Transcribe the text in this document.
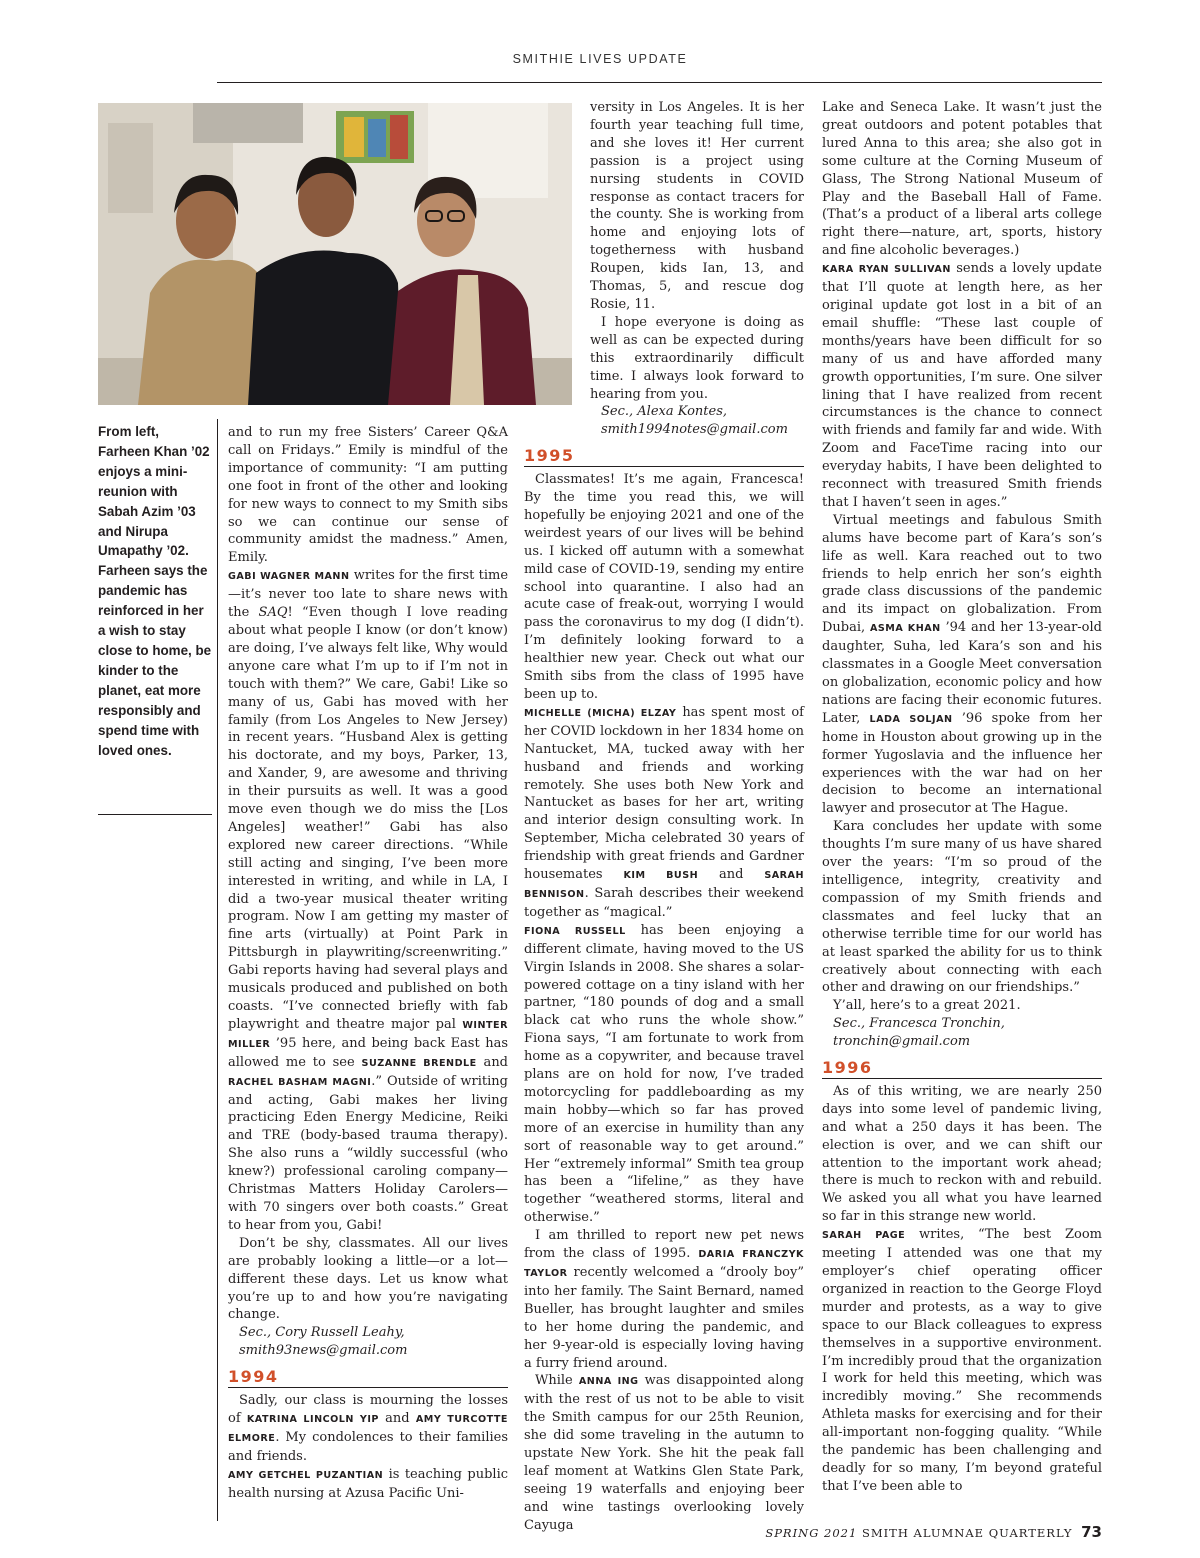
SMITHIE LIVES UPDATE
From left, Farheen Khan ’02 enjoys a mini-reunion with Sabah Azim ’03 and Nirupa Umapathy ’02. Farheen says the pandemic has reinforced in her a wish to stay close to home, be kinder to the planet, eat more responsibly and spend time with loved ones.

and to run my free Sisters’ Career Q&A call on Fridays.” Emily is mindful of the importance of community: “I am putting one foot in front of the other and looking for new ways to connect to my Smith sibs so we can continue our sense of community amidst the madness.” Amen, Emily.

GABI WAGNER MANN writes for the first time—it’s never too late to share news with the SAQ! “Even though I love reading about what people I know (or don’t know) are doing, I’ve always felt like, Why would anyone care what I’m up to if I’m not in touch with them?” We care, Gabi! Like so many of us, Gabi has moved with her family (from Los Angeles to New Jersey) in recent years. “Husband Alex is getting his doctorate, and my boys, Parker, 13, and Xander, 9, are awesome and thriving in their pursuits as well. It was a good move even though we do miss the [Los Angeles] weather!” Gabi has also explored new career directions. “While still acting and singing, I’ve been more interested in writing, and while in LA, I did a two-year musical theater writing program. Now I am getting my master of fine arts (virtually) at Point Park in Pittsburgh in playwriting/screenwriting.” Gabi reports having had several plays and musicals produced and published on both coasts. “I’ve connected briefly with fab playwright and theatre major pal WINTER MILLER ’95 here, and being back East has allowed me to see SUZANNE BRENDLE and RACHEL BASHAM MAGNI.” Outside of writing and acting, Gabi makes her living practicing Eden Energy Medicine, Reiki and TRE (body-based trauma therapy). She also runs a “wildly successful (who knew?) professional caroling company—Christmas Matters Holiday Carolers—with 70 singers over both coasts.” Great to hear from you, Gabi!

Don’t be shy, classmates. All our lives are probably looking a little—or a lot—different these days. Let us know what you’re up to and how you’re navigating change.

Sec., Cory Russell Leahy,

smith93news@gmail.com

1994

Sadly, our class is mourning the losses of KATRINA LINCOLN YIP and AMY TURCOTTE ELMORE. My condolences to their families and friends.

AMY GETCHEL PUZANTIAN is teaching public health nursing at Azusa Pacific Uni-

versity in Los Angeles. It is her fourth year teaching full time, and she loves it! Her current passion is a project using nursing students in COVID response as contact tracers for the county. She is working from home and enjoying lots of togetherness with husband Roupen, kids Ian, 13, and Thomas, 5, and rescue dog Rosie, 11.

I hope everyone is doing as well as can be expected during this extraordinarily difficult time. I always look forward to hearing from you.

Sec., Alexa Kontes,

smith1994notes@gmail.com

1995

Classmates! It’s me again, Francesca! By the time you read this, we will hopefully be enjoying 2021 and one of the weirdest years of our lives will be behind us. I kicked off autumn with a somewhat mild case of COVID-19, sending my entire school into quarantine. I also had an acute case of freak-out, worrying I would pass the coronavirus to my dog (I didn’t). I’m definitely looking forward to a healthier new year. Check out what our Smith sibs from the class of 1995 have been up to.

MICHELLE (MICHA) ELZAY has spent most of her COVID lockdown in her 1834 home on Nantucket, MA, tucked away with her husband and friends and working remotely. She uses both New York and Nantucket as bases for her art, writing and interior design consulting work. In September, Micha celebrated 30 years of friendship with great friends and Gardner housemates KIM BUSH and SARAH BENNISON. Sarah describes their weekend together as “magical.”

FIONA RUSSELL has been enjoying a different climate, having moved to the US Virgin Islands in 2008. She shares a solar-powered cottage on a tiny island with her partner, “180 pounds of dog and a small black cat who runs the whole show.” Fiona says, “I am fortunate to work from home as a copywriter, and because travel plans are on hold for now, I’ve traded motorcycling for paddleboarding as my main hobby—which so far has proved more of an exercise in humility than any sort of reasonable way to get around.” Her “extremely informal” Smith tea group has been a “lifeline,” as they have together “weathered storms, literal and otherwise.”

I am thrilled to report new pet news from the class of 1995. DARIA FRANCZYK TAYLOR recently welcomed a “drooly boy” into her family. The Saint Bernard, named Bueller, has brought laughter and smiles to her home during the pandemic, and her 9-year-old is especially loving having a furry friend around.

While ANNA ING was disappointed along with the rest of us not to be able to visit the Smith campus for our 25th Reunion, she did some traveling in the autumn to upstate New York. She hit the peak fall leaf moment at Watkins Glen State Park, seeing 19 waterfalls and enjoying beer and wine tastings overlooking lovely Cayuga

Lake and Seneca Lake. It wasn’t just the great outdoors and potent potables that lured Anna to this area; she also got in some culture at the Corning Museum of Glass, The Strong National Museum of Play and the Baseball Hall of Fame. (That’s a product of a liberal arts college right there—nature, art, sports, history and fine alcoholic beverages.)

KARA RYAN SULLIVAN sends a lovely update that I’ll quote at length here, as her original update got lost in a bit of an email shuffle: “These last couple of months/years have been difficult for so many of us and have afforded many growth opportunities, I’m sure. One silver lining that I have realized from recent circumstances is the chance to connect with friends and family far and wide. With Zoom and FaceTime racing into our everyday habits, I have been delighted to reconnect with treasured Smith friends that I haven’t seen in ages.”

Virtual meetings and fabulous Smith alums have become part of Kara’s son’s life as well. Kara reached out to two friends to help enrich her son’s eighth grade class discussions of the pandemic and its impact on globalization. From Dubai, ASMA KHAN ’94 and her 13-year-old daughter, Suha, led Kara’s son and his classmates in a Google Meet conversation on globalization, economic policy and how nations are facing their economic futures. Later, LADA SOLJAN ’96 spoke from her home in Houston about growing up in the former Yugoslavia and the influence her experiences with the war had on her decision to become an international lawyer and prosecutor at The Hague.

Kara concludes her update with some thoughts I’m sure many of us have shared over the years: “I’m so proud of the intelligence, integrity, creativity and compassion of my Smith friends and classmates and feel lucky that an otherwise terrible time for our world has at least sparked the ability for us to think creatively about connecting with each other and drawing on our friendships.”

Y’all, here’s to a great 2021.

Sec., Francesca Tronchin,

tronchin@gmail.com

1996

As of this writing, we are nearly 250 days into some level of pandemic living, and what a 250 days it has been. The election is over, and we can shift our attention to the important work ahead; there is much to reckon with and rebuild. We asked you all what you have learned so far in this strange new world.

SARAH PAGE writes, “The best Zoom meeting I attended was one that my employer’s chief operating officer organized in reaction to the George Floyd murder and protests, as a way to give space to our Black colleagues to express themselves in a supportive environment. I’m incredibly proud that the organization I work for held this meeting, which was incredibly moving.” She recommends Athleta masks for exercising and for their all-important non-fogging quality. “While the pandemic has been challenging and deadly for so many, I’m beyond grateful that I’ve been able to

SPRING 2021 SMITH ALUMNAE QUARTERLY 73
